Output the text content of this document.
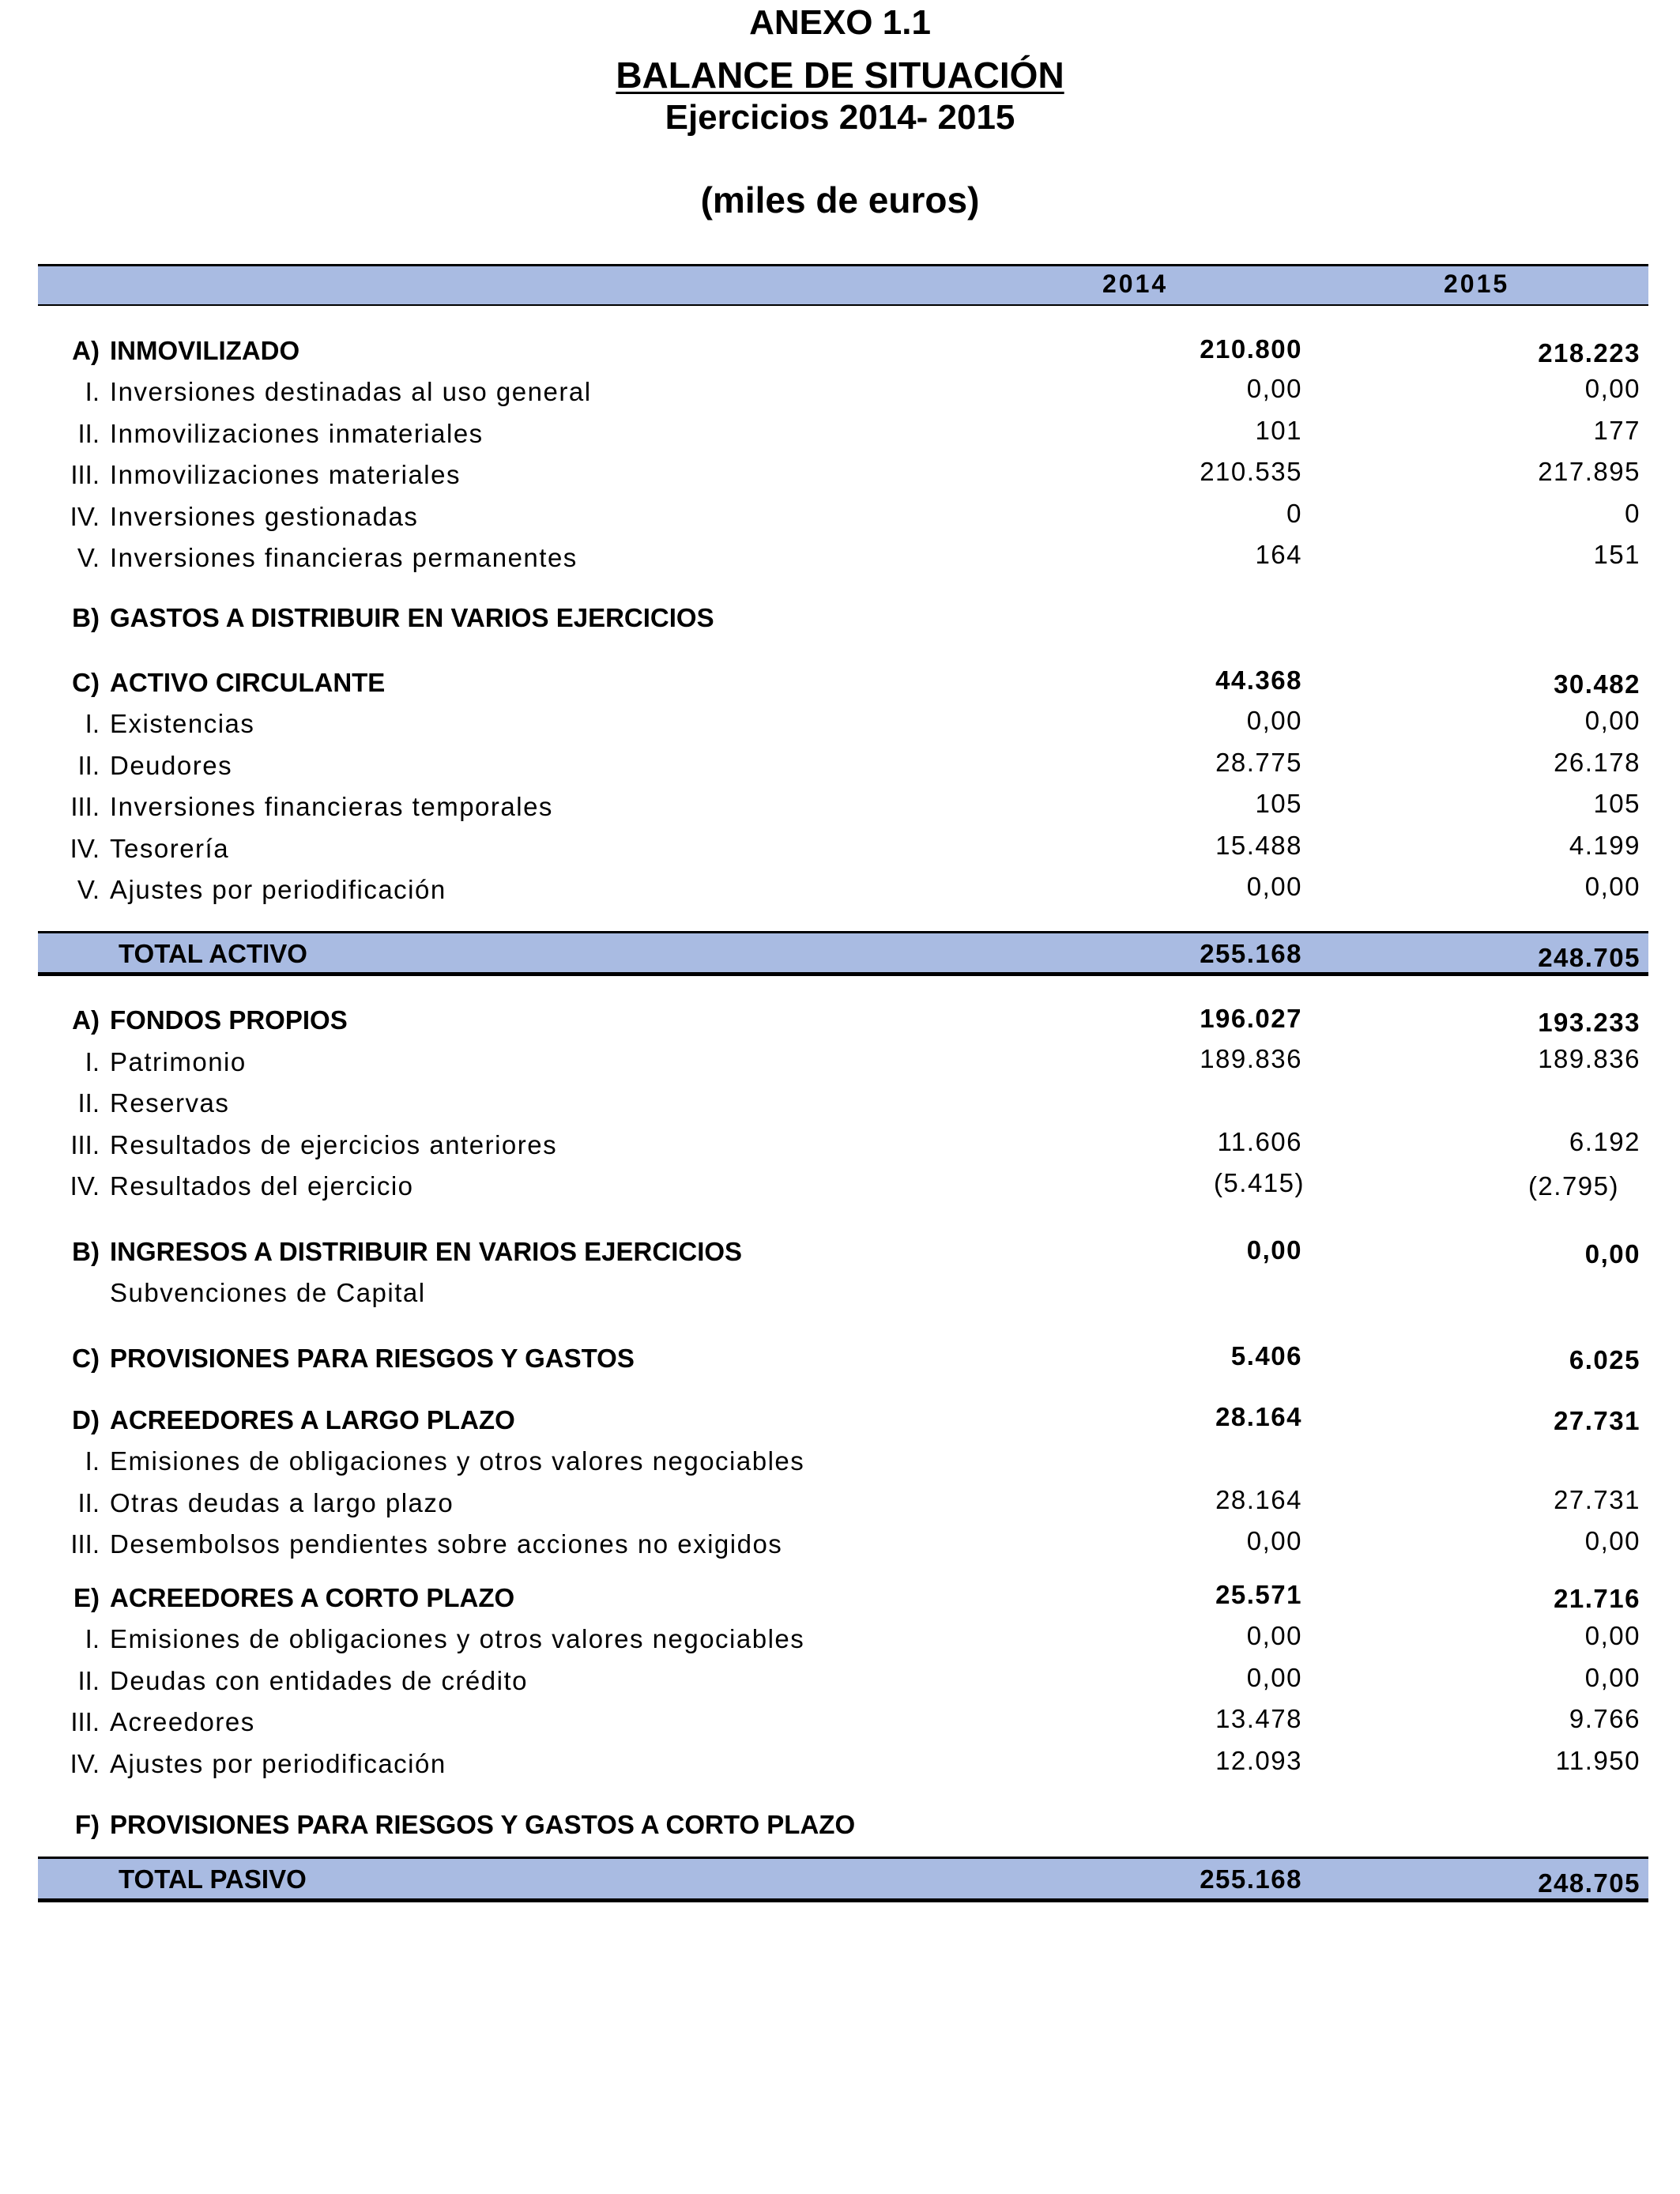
ANEXO 1.1
BALANCE DE SITUACIÓN
Ejercicios 2014- 2015
(miles de euros)
2014	2015
A) INMOVILIZADO	210.800	218.223
I. Inversiones destinadas al uso general	0,00	0,00
II. Inmovilizaciones inmateriales	101	177
III. Inmovilizaciones materiales	210.535	217.895
IV. Inversiones gestionadas	0	0
V. Inversiones financieras permanentes	164	151
B) GASTOS A DISTRIBUIR EN VARIOS EJERCICIOS
C) ACTIVO CIRCULANTE	44.368	30.482
I. Existencias	0,00	0,00
II. Deudores	28.775	26.178
III. Inversiones financieras temporales	105	105
IV. Tesorería	15.488	4.199
V. Ajustes por periodificación	0,00	0,00
TOTAL ACTIVO	255.168	248.705
A) FONDOS PROPIOS	196.027	193.233
I. Patrimonio	189.836	189.836
II. Reservas
III. Resultados de ejercicios anteriores	11.606	6.192
IV. Resultados del ejercicio	(5.415)	(2.795)
B) INGRESOS A DISTRIBUIR EN VARIOS EJERCICIOS	0,00	0,00
Subvenciones de Capital
C) PROVISIONES PARA RIESGOS Y GASTOS	5.406	6.025
D) ACREEDORES A LARGO PLAZO	28.164	27.731
I. Emisiones de obligaciones y otros valores negociables
II. Otras deudas a largo plazo	28.164	27.731
III. Desembolsos pendientes sobre acciones no exigidos	0,00	0,00
E) ACREEDORES A CORTO PLAZO	25.571	21.716
I. Emisiones de obligaciones y otros valores negociables	0,00	0,00
II. Deudas con entidades de crédito	0,00	0,00
III. Acreedores	13.478	9.766
IV. Ajustes por periodificación	12.093	11.950
F) PROVISIONES PARA RIESGOS Y GASTOS A CORTO PLAZO
TOTAL PASIVO	255.168	248.705
